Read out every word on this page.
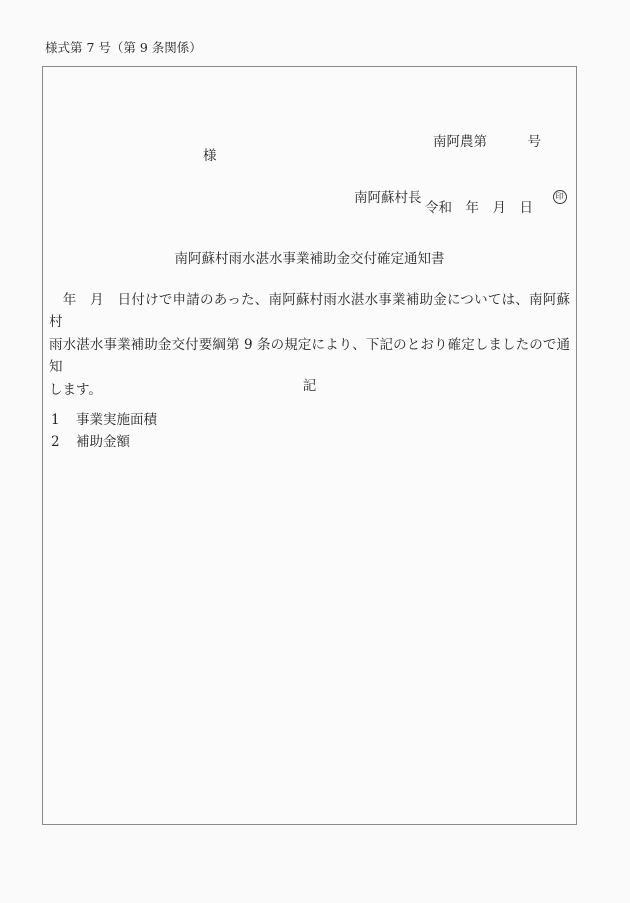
様式第 7 号（第 9 条関係）

南阿農第　　　号

令和　年　月　日

様
南阿蘇村長	印
南阿蘇村雨水湛水事業補助金交付確定通知書
　年　月　日付けで申請のあった、南阿蘇村雨水湛水事業補助金については、南阿蘇村
雨水湛水事業補助金交付要綱第 9 条の規定により、下記のとおり確定しましたので通知
します。	記
1 事業実施面積
2 補助金額
